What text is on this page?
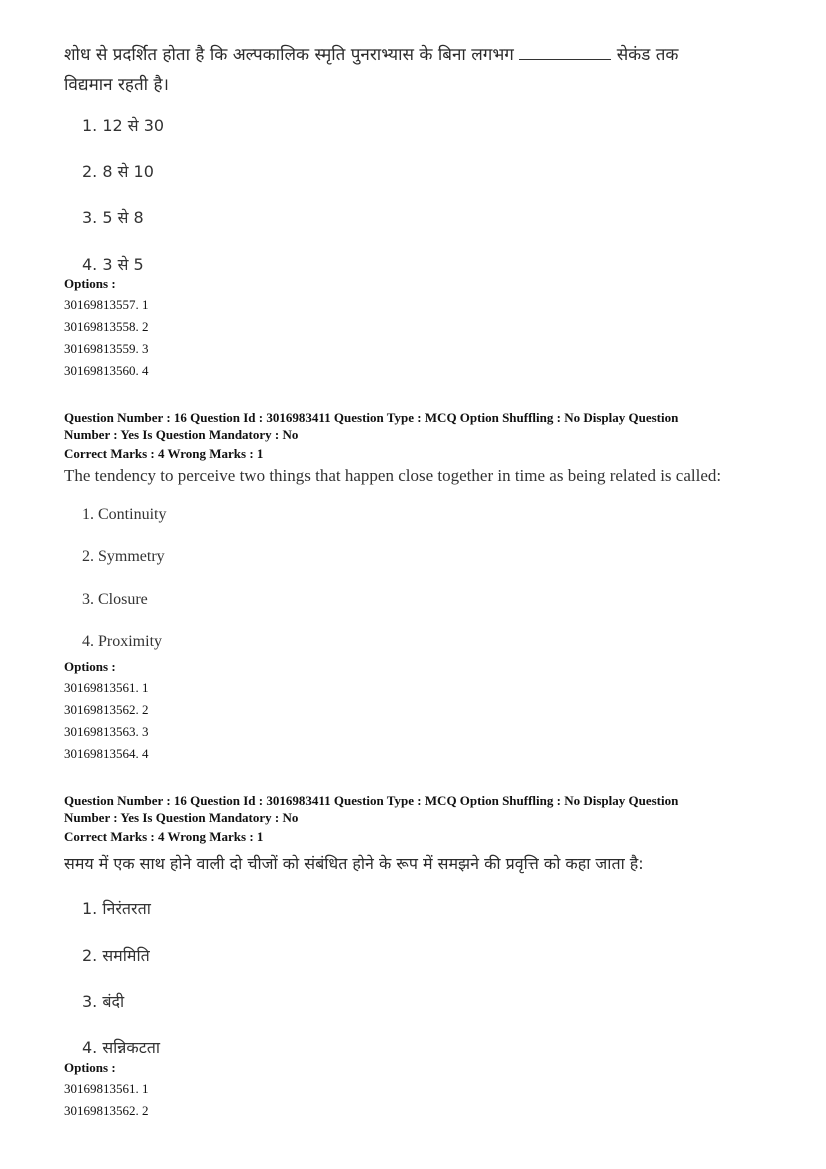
शोध से प्रदर्शित होता है कि अल्पकालिक स्मृति पुनराभ्यास के बिना लगभग	सेकंड तक
विद्यमान रहती है।

1. 12 से 30
2. 8 से 10
3. 5 से 8
4. 3 से 5
Options :
30169813557. 1
30169813558. 2
30169813559. 3
30169813560. 4
Question Number : 16 Question Id : 3016983411 Question Type : MCQ Option Shuffling : No Display Question
Number : Yes Is Question Mandatory : No
Correct Marks : 4 Wrong Marks : 1

The tendency to perceive two things that happen close together in time as being related is called:

1. Continuity
2. Symmetry
3. Closure
4. Proximity
Options :
30169813561. 1
30169813562. 2
30169813563. 3
30169813564. 4
Question Number : 16 Question Id : 3016983411 Question Type : MCQ Option Shuffling : No Display Question
Number : Yes Is Question Mandatory : No
Correct Marks : 4 Wrong Marks : 1

समय में एक साथ होने वाली दो चीजों को संबंधित होने के रूप में समझने की प्रवृत्ति को कहा जाता है:

1. निरंतरता
2. सममिति
3. बंदी
4. सन्निकटता
Options :
30169813561. 1
30169813562. 2
